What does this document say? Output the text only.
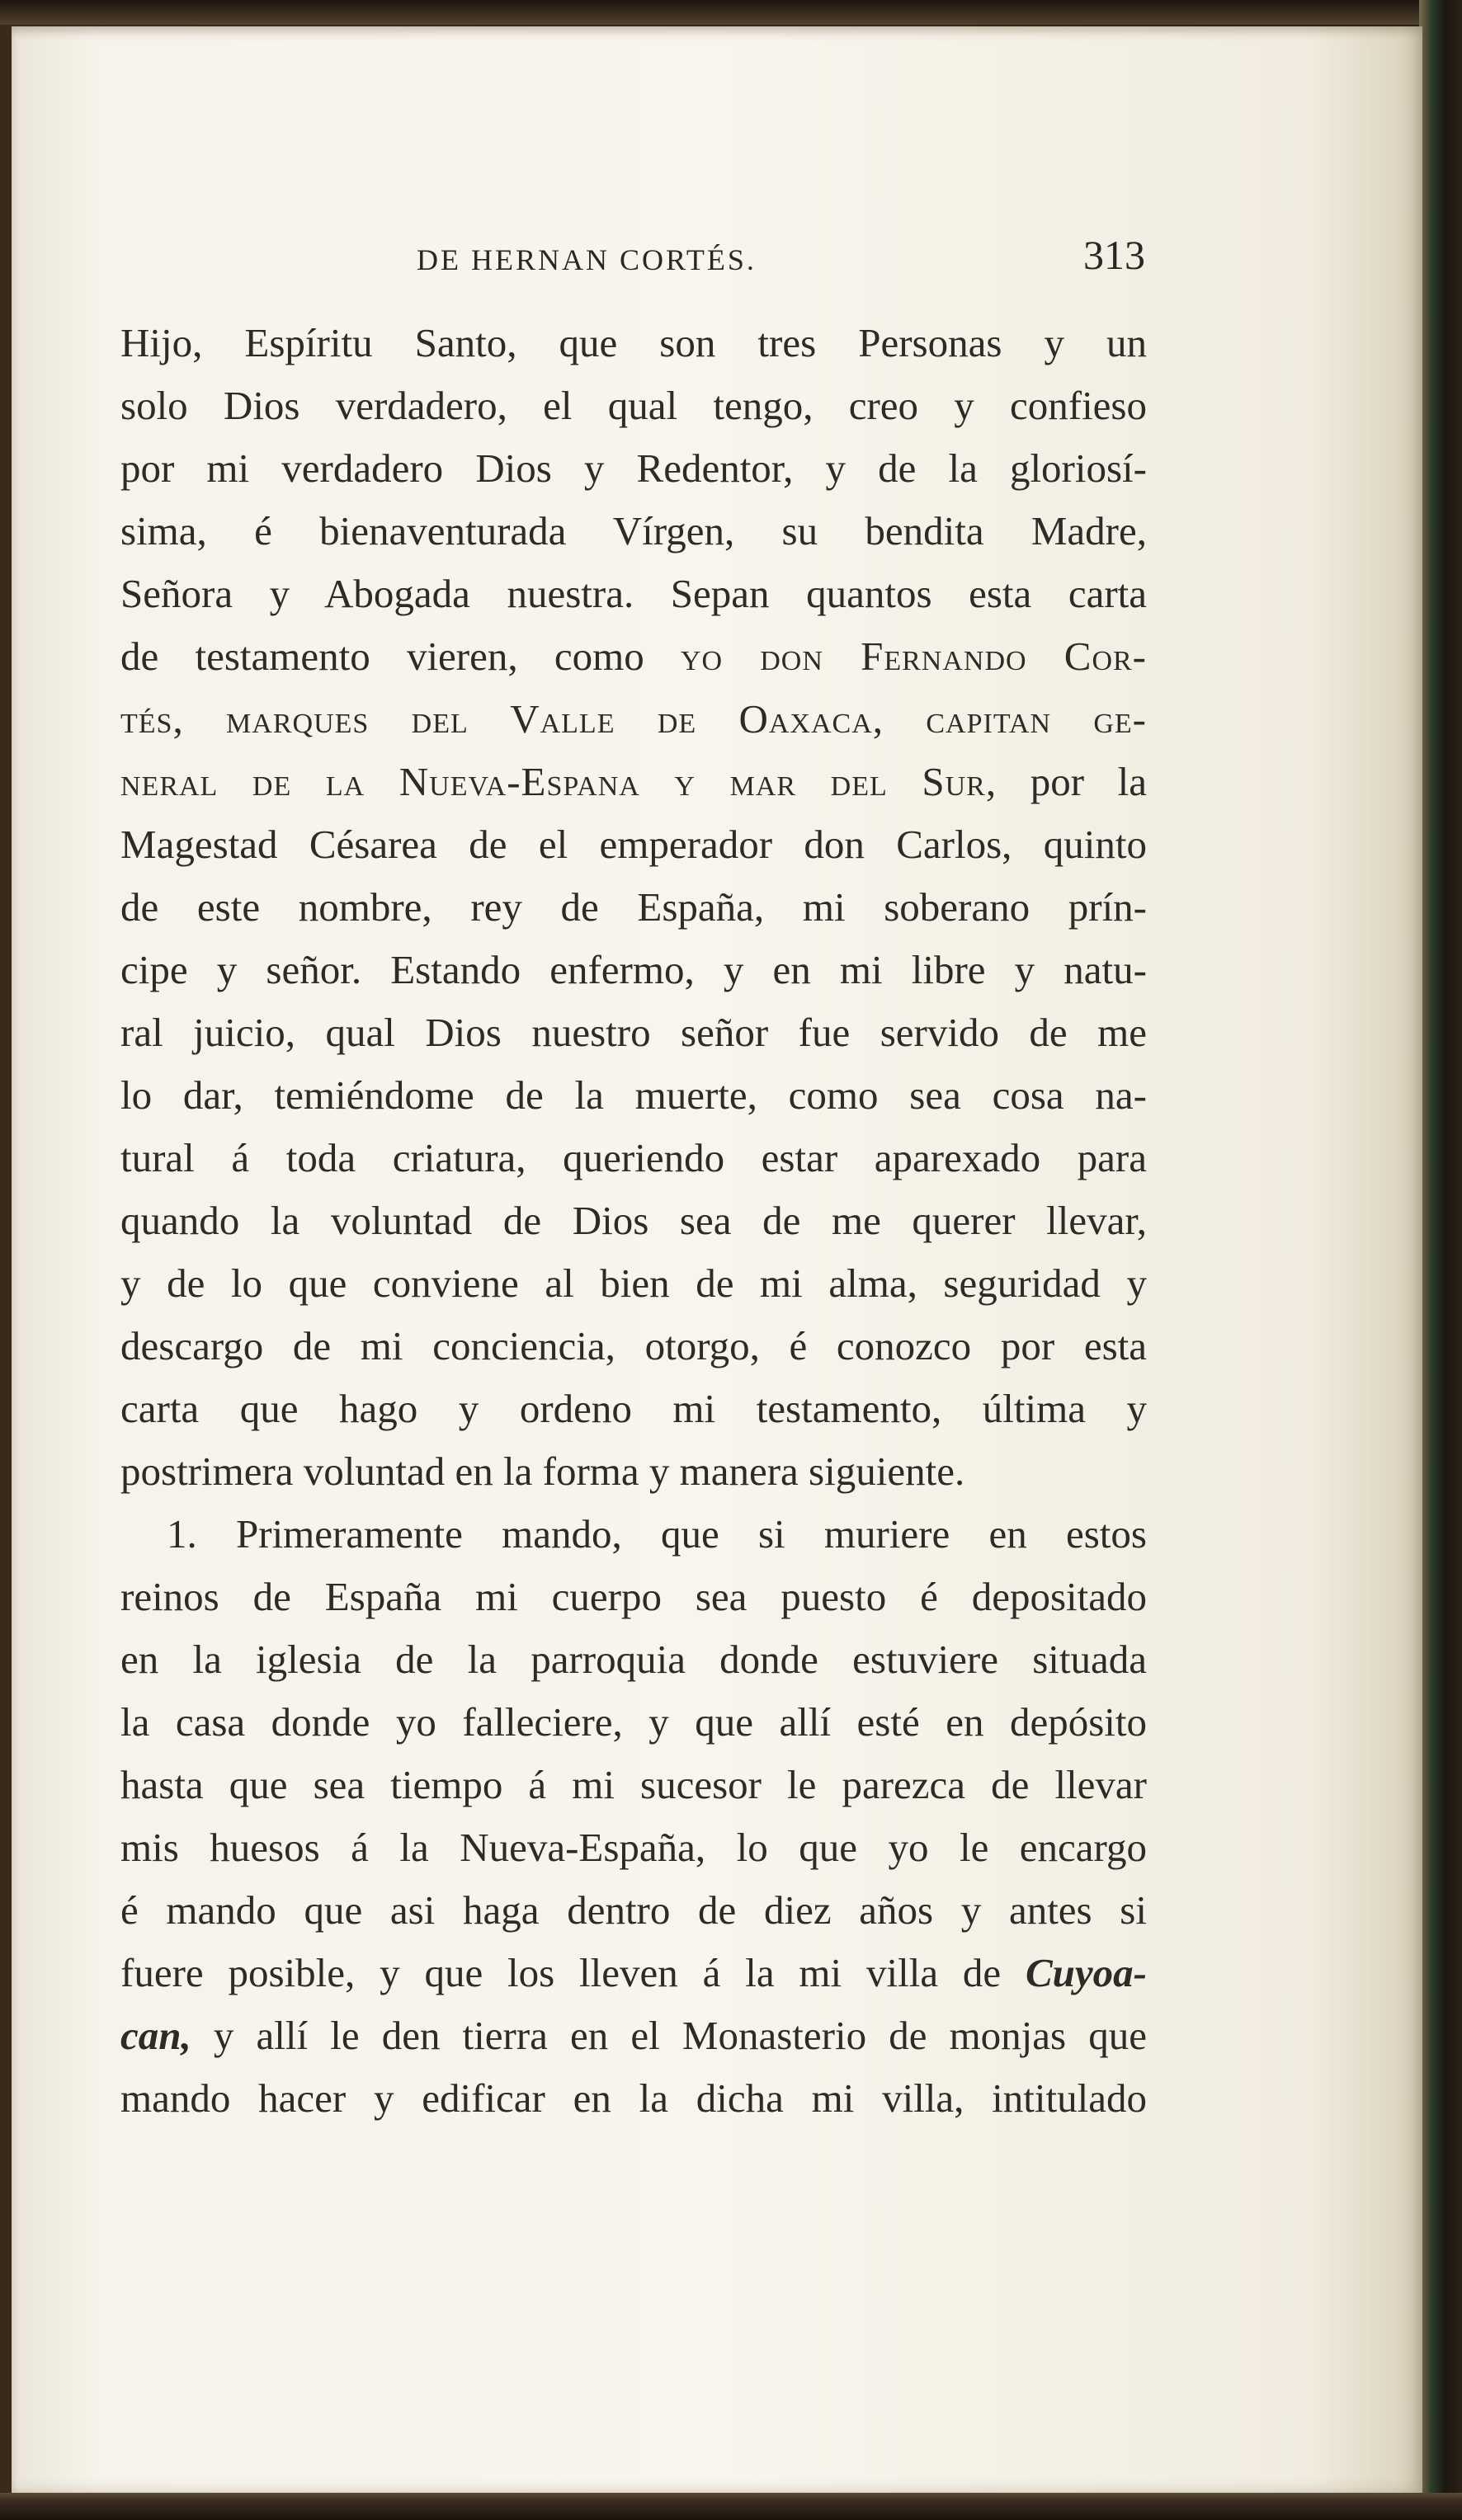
DE HERNAN CORTÉS.	313
Hijo, Espíritu Santo, que son tres Personas y un
solo Dios verdadero, el qual tengo, creo y confieso
por mi verdadero Dios y Redentor, y de la gloriosí-
sima, é bienaventurada Vírgen, su bendita Madre,
Señora y Abogada nuestra. Sepan quantos esta carta
de testamento vieren, como yo don Fernando Cor-
tés, marques del Valle de Oaxaca, capitan ge-
neral de la Nueva-Espana y mar del Sur, por la
Magestad Césarea de el emperador don Carlos, quinto
de este nombre, rey de España, mi soberano prín-
cipe y señor. Estando enfermo, y en mi libre y natu-
ral juicio, qual Dios nuestro señor fue servido de me
lo dar, temiéndome de la muerte, como sea cosa na-
tural á toda criatura, queriendo estar aparexado para
quando la voluntad de Dios sea de me querer llevar,
y de lo que conviene al bien de mi alma, seguridad y
descargo de mi conciencia, otorgo, é conozco por esta
carta que hago y ordeno mi testamento, última y
postrimera voluntad en la forma y manera siguiente.
1. Primeramente mando, que si muriere en estos
reinos de España mi cuerpo sea puesto é depositado
en la iglesia de la parroquia donde estuviere situada
la casa donde yo falleciere, y que allí esté en depósito
hasta que sea tiempo á mi sucesor le parezca de llevar
mis huesos á la Nueva-España, lo que yo le encargo
é mando que asi haga dentro de diez años y antes si
fuere posible, y que los lleven á la mi villa de Cuyoa-
can, y allí le den tierra en el Monasterio de monjas que
mando hacer y edificar en la dicha mi villa, intitulado
